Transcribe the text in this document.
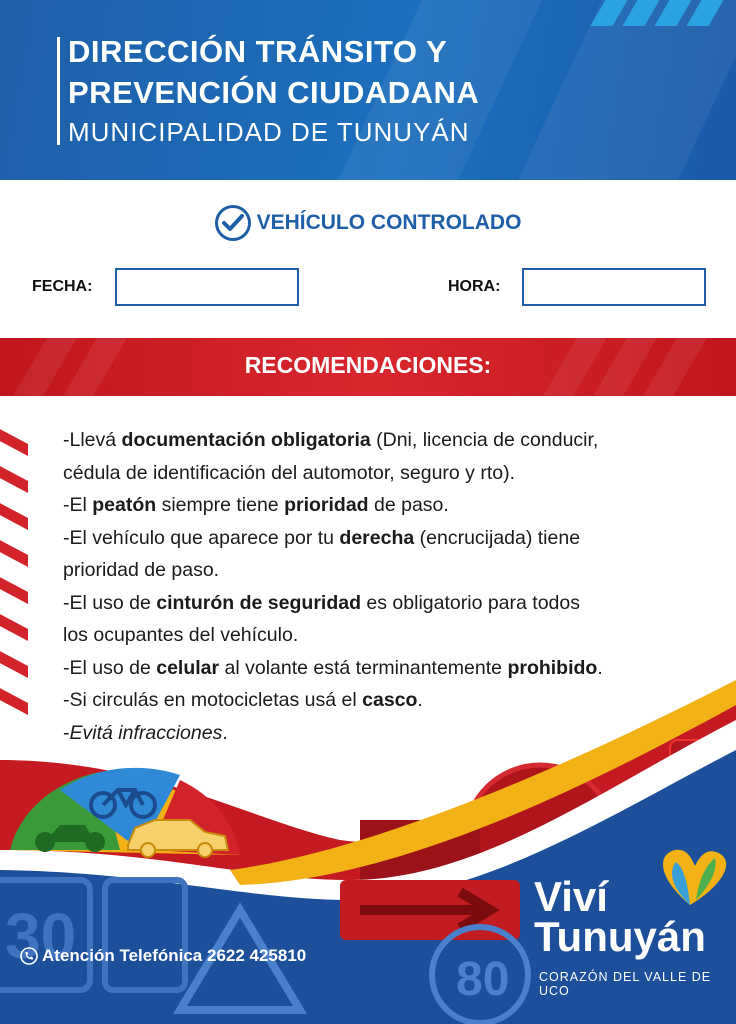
DIRECCIÓN TRÁNSITO Y
PREVENCIÓN CIUDADANA
MUNICIPALIDAD DE TUNUYÁN
VEHÍCULO CONTROLADO
FECHA:	HORA:
RECOMENDACIONES:

-Llevá documentación obligatoria (Dni, licencia de conducir,

cédula de identificación del automotor, seguro y rto).

-El peatón siempre tiene prioridad de paso.

-El vehículo que aparece por tu derecha (encrucijada) tiene

prioridad de paso.

-El uso de cinturón de seguridad es obligatorio para todos

los ocupantes del vehículo.

-El uso de celular al volante está terminantemente prohibido.

-Si circulás en motocicletas usá el casco.

-Evitá infracciones.

30
80
Atención Telefónica 2622 425810
Viví
Tunuyán
CORAZÓN DEL VALLE DE UCO
